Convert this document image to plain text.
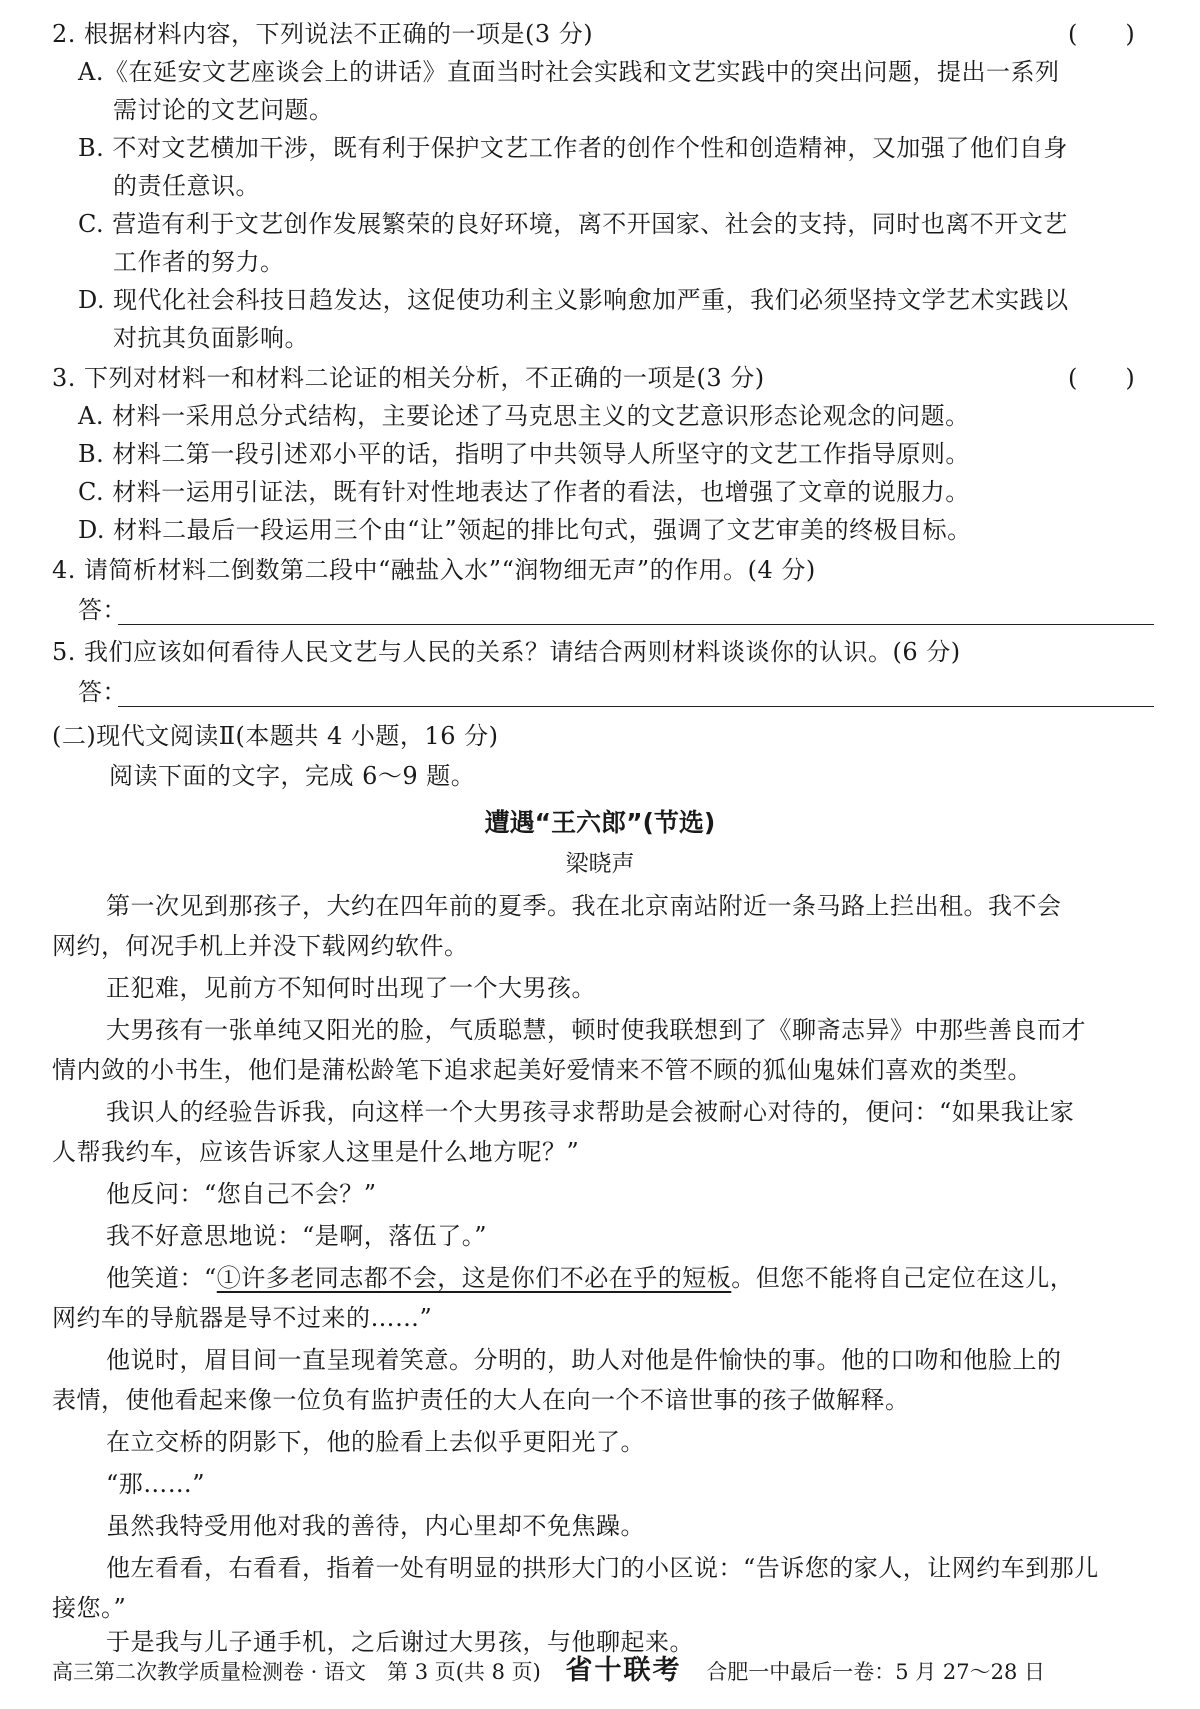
2. 根据材料内容，下列说法不正确的一项是(3 分)	(　　)
A.《在延安文艺座谈会上的讲话》直面当时社会实践和文艺实践中的突出问题，提出一系列
需讨论的文艺问题。
B. 不对文艺横加干涉，既有利于保护文艺工作者的创作个性和创造精神，又加强了他们自身
的责任意识。
C. 营造有利于文艺创作发展繁荣的良好环境，离不开国家、社会的支持，同时也离不开文艺
工作者的努力。
D. 现代化社会科技日趋发达，这促使功利主义影响愈加严重，我们必须坚持文学艺术实践以
对抗其负面影响。
3. 下列对材料一和材料二论证的相关分析，不正确的一项是(3 分)	(　　)
A. 材料一采用总分式结构，主要论述了马克思主义的文艺意识形态论观念的问题。
B. 材料二第一段引述邓小平的话，指明了中共领导人所坚守的文艺工作指导原则。
C. 材料一运用引证法，既有针对性地表达了作者的看法，也增强了文章的说服力。
D. 材料二最后一段运用三个由“让”领起的排比句式，强调了文艺审美的终极目标。
4. 请简析材料二倒数第二段中“融盐入水”“润物细无声”的作用。(4 分)
答：
5. 我们应该如何看待人民文艺与人民的关系？请结合两则材料谈谈你的认识。(6 分)
答：
(二)现代文阅读Ⅱ(本题共 4 小题，16 分)
阅读下面的文字，完成 6～9 题。
遭遇“王六郎”(节选)
梁晓声
第一次见到那孩子，大约在四年前的夏季。我在北京南站附近一条马路上拦出租。我不会
网约，何况手机上并没下载网约软件。
正犯难，见前方不知何时出现了一个大男孩。
大男孩有一张单纯又阳光的脸，气质聪慧，顿时使我联想到了《聊斋志异》中那些善良而才
情内敛的小书生，他们是蒲松龄笔下追求起美好爱情来不管不顾的狐仙鬼妹们喜欢的类型。
我识人的经验告诉我，向这样一个大男孩寻求帮助是会被耐心对待的，便问：“如果我让家
人帮我约车，应该告诉家人这里是什么地方呢？”
他反问：“您自己不会？”
我不好意思地说：“是啊，落伍了。”
他笑道：“①许多老同志都不会，这是你们不必在乎的短板。但您不能将自己定位在这儿，
网约车的导航器是导不过来的……”
他说时，眉目间一直呈现着笑意。分明的，助人对他是件愉快的事。他的口吻和他脸上的
表情，使他看起来像一位负有监护责任的大人在向一个不谙世事的孩子做解释。
在立交桥的阴影下，他的脸看上去似乎更阳光了。
“那……”
虽然我特受用他对我的善待，内心里却不免焦躁。
他左看看，右看看，指着一处有明显的拱形大门的小区说：“告诉您的家人，让网约车到那儿
接您。”
于是我与儿子通手机，之后谢过大男孩，与他聊起来。
高三第二次教学质量检测卷 · 语文　第 3 页(共 8 页) 省十联考 合肥一中最后一卷：5 月 27～28 日
